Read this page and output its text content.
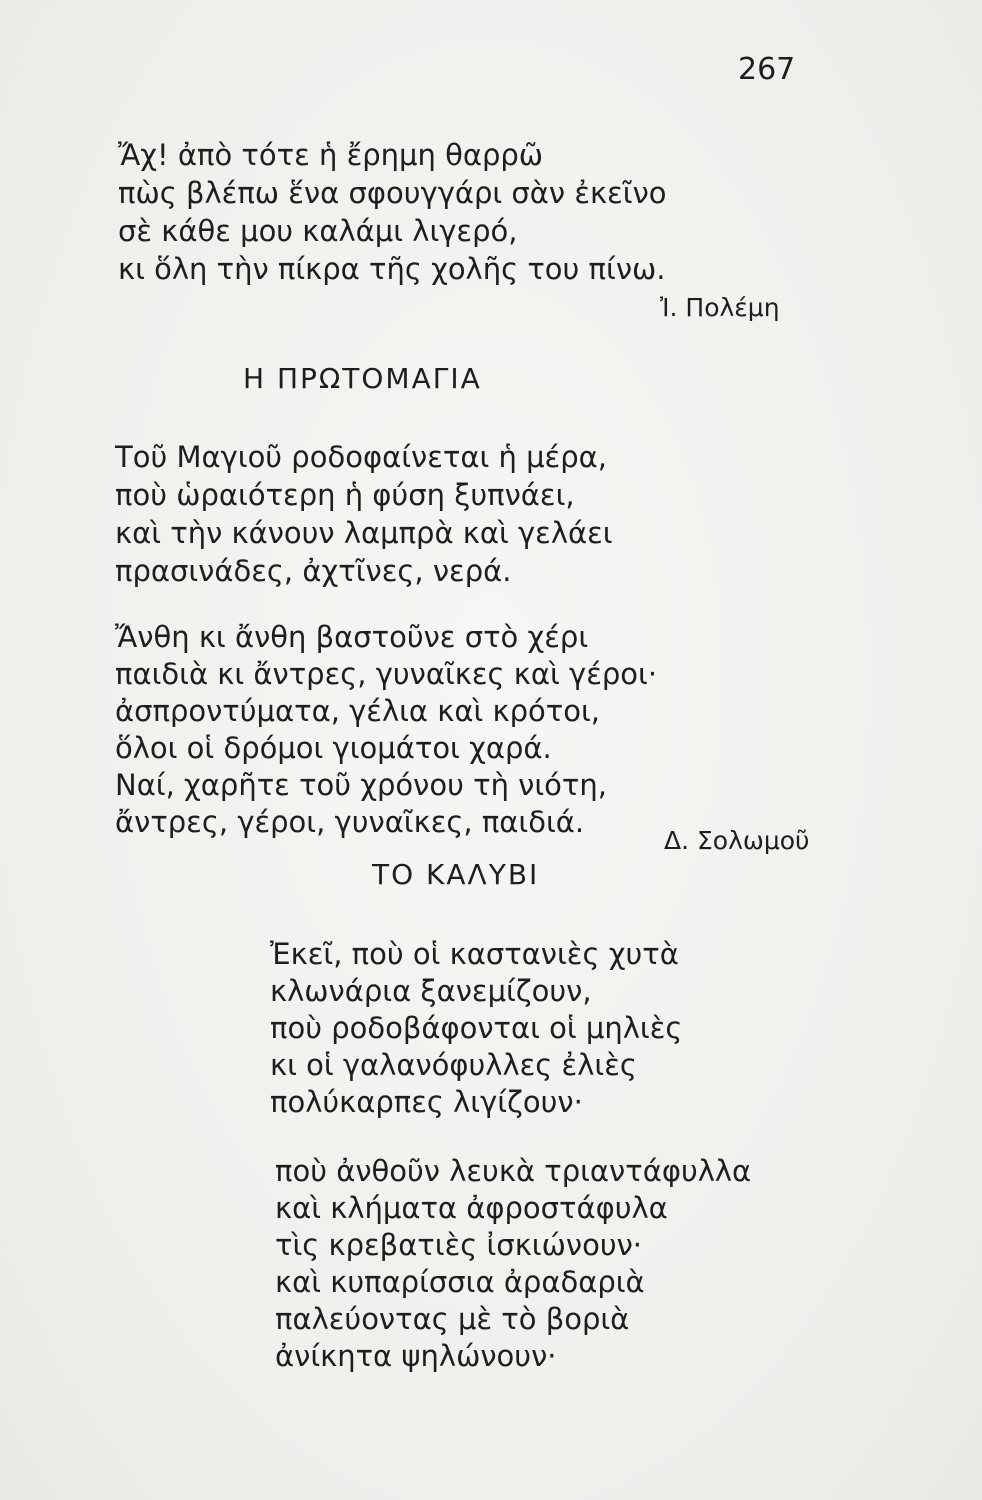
267
Ἄχ! ἀπὸ τότε ἡ ἔρημη θαρρῶ
πὼς βλέπω ἕνα σφουγγάρι σὰν ἐκεῖνο
σὲ κάθε μου καλάμι λιγερό,
κι ὅλη τὴν πίκρα τῆς χολῆς του πίνω.
Ἰ. Πολέμη
Η ΠΡΩΤΟΜΑΓΙΑ
Τοῦ Μαγιοῦ ροδοφαίνεται ἡ μέρα,
ποὺ ὡραιότερη ἡ φύση ξυπνάει,
καὶ τὴν κάνουν λαμπρὰ καὶ γελάει
πρασινάδες, ἀχτῖνες, νερά.
Ἄνθη κι ἄνθη βαστοῦνε στὸ χέρι
παιδιὰ κι ἄντρες, γυναῖκες καὶ γέροι·
ἀσπροντύματα, γέλια καὶ κρότοι,
ὅλοι οἱ δρόμοι γιομάτοι χαρά.
Ναί, χαρῆτε τοῦ χρόνου τὴ νιότη,
ἄντρες, γέροι, γυναῖκες, παιδιά.
Δ. Σολωμοῦ
ΤΟ ΚΑΛΥΒΙ
Ἐκεῖ, ποὺ οἱ καστανιὲς χυτὰ
κλωνάρια ξανεμίζουν,
ποὺ ροδοβάφονται οἱ μηλιὲς
κι οἱ γαλανόφυλλες ἐλιὲς
πολύκαρπες λιγίζουν·
ποὺ ἀνθοῦν λευκὰ τριαντάφυλλα
καὶ κλήματα ἀφροστάφυλα
τὶς κρεβατιὲς ἰσκιώνουν·
καὶ κυπαρίσσια ἀραδαριὰ
παλεύοντας μὲ τὸ βοριὰ
ἀνίκητα ψηλώνουν·
